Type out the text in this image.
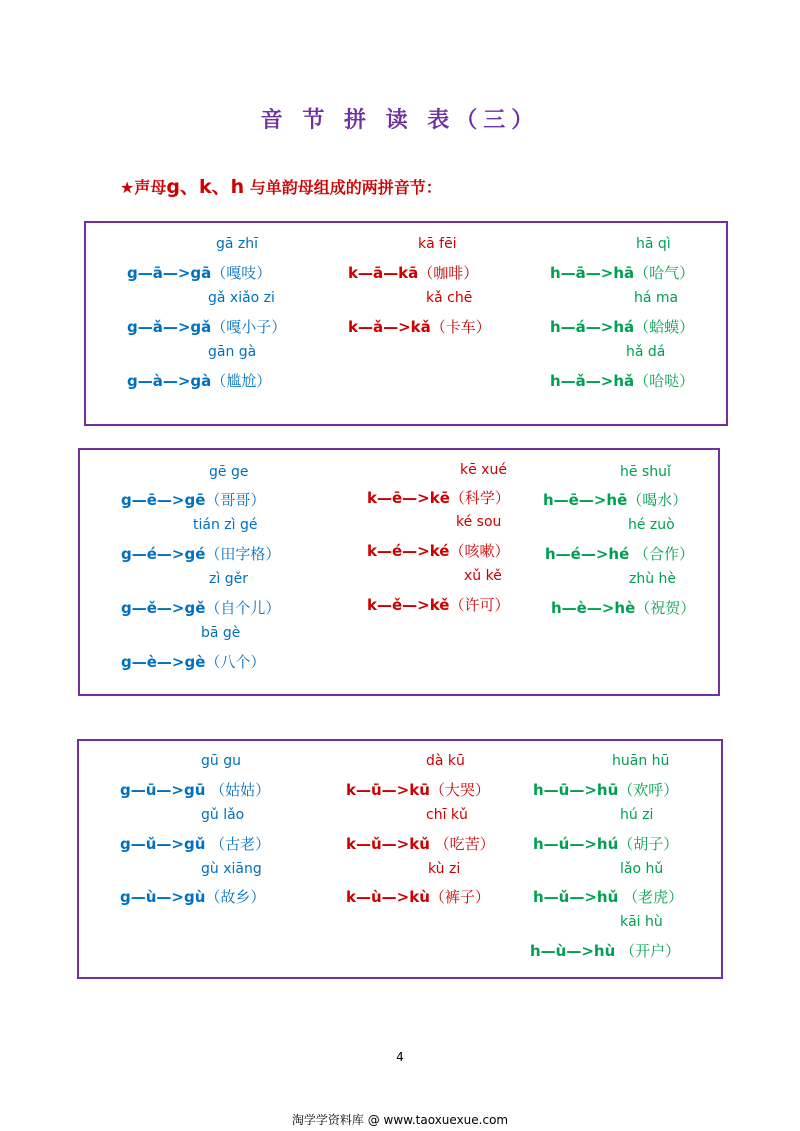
音 节 拼 读 表（三）
★声母g、k、h 与单韵母组成的两拼音节：
gā zhī
g—ā—>gā（嘎吱）
gǎ xiǎo zi
g—ǎ—>gǎ（嘎小子）
gān gà
g—à—>gà（尴尬）
kā fēi
k—ā—kā（咖啡）
kǎ chē
k—ǎ—>kǎ（卡车）
hā qì
h—ā—>hā（哈气）
há ma
h—á—>há（蛤蟆）
hǎ dá
h—ǎ—>hǎ（哈哒）
gē ge
g—ē—>gē（哥哥）
tián zì gé
g—é—>gé（田字格）
zì gěr
g—ě—>gě（自个儿）
bā gè
g—è—>gè（八个）
kē xué
k—ē—>kē（科学）
ké sou
k—é—>ké（咳嗽）
xǔ kě
k—ě—>kě（许可）
hē shuǐ
h—ē—>hē（喝水）
hé zuò
h—é—>hé （合作）
zhù hè
h—è—>hè（祝贺）
gū gu
g—ū—>gū （姑姑）
gǔ lǎo
g—ǔ—>gǔ （古老）
gù xiāng
g—ù—>gù（故乡）
dà kū
k—ū—>kū（大哭）
chī kǔ
k—ǔ—>kǔ （吃苦）
kù zi
k—ù—>kù（裤子）
huān hū
h—ū—>hū（欢呼）
hú zi
h—ú—>hú（胡子）
lǎo hǔ
h—ǔ—>hǔ （老虎）
kāi hù
h—ù—>hù （开户）
4
淘学学资料库 @ www.taoxuexue.com
